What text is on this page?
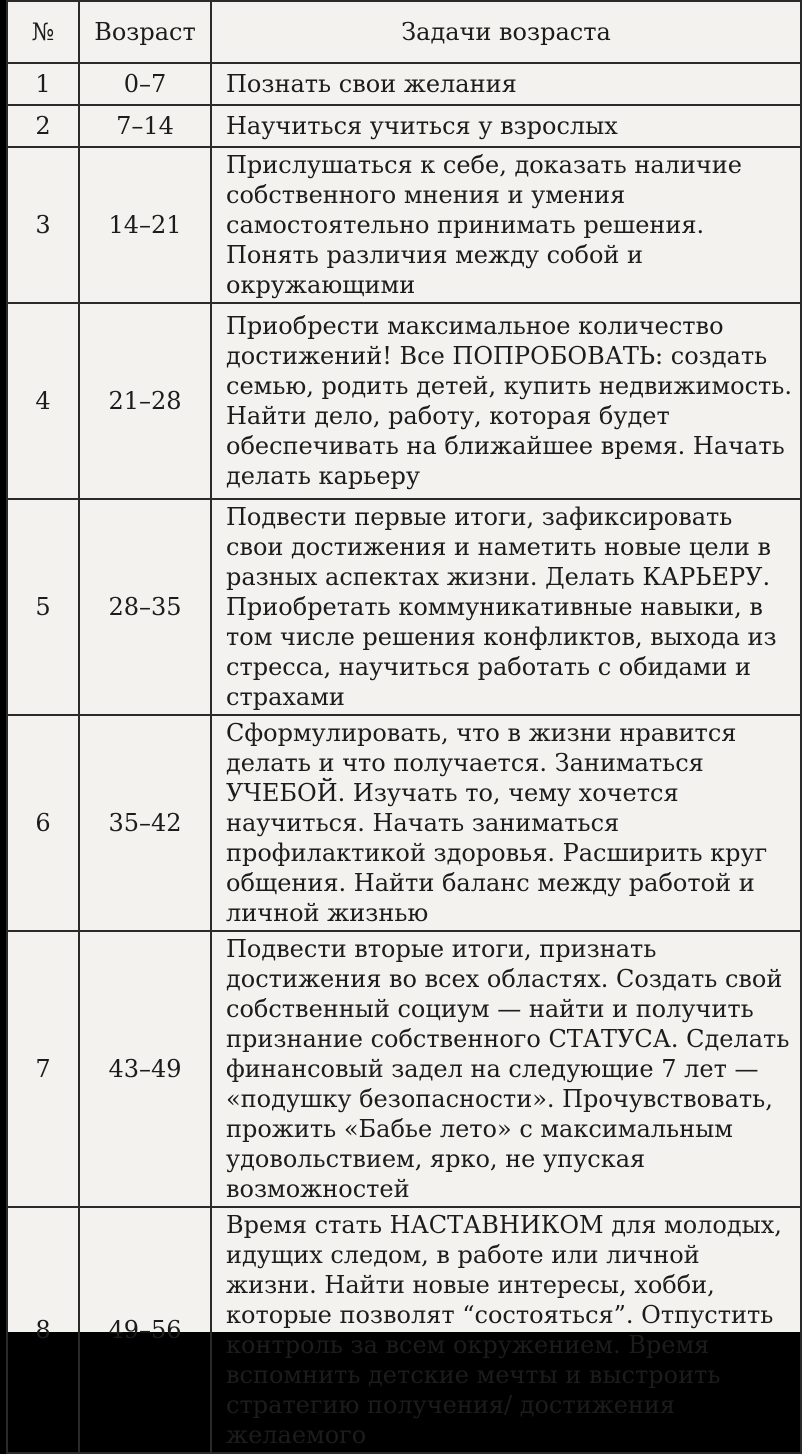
№	Возраст	Задачи возраста
1	0–7	Познать свои желания
2	7–14	Научиться учиться у взрослых
3	14–21	Прислушаться к себе, доказать наличие собственного мнения и умения самостоятельно принимать решения. Понять различия между собой и окружающими
4	21–28	Приобрести максимальное количество достижений! Все ПОПРОБОВАТЬ: создать семью, родить детей, купить недвижимость. Найти дело, работу, которая будет обеспечивать на ближайшее время. Начать делать карьеру
5	28–35	Подвести первые итоги, зафиксировать свои достижения и наметить новые цели в разных аспектах жизни. Делать КАРЬЕРУ. Приобретать коммуникативные навыки, в том числе решения конфликтов, выхода из стресса, научиться работать с обидами и страхами
6	35–42	Сформулировать, что в жизни нравится делать и что получается. Заниматься УЧЕБОЙ. Изучать то, чему хочется научиться. Начать заниматься профилактикой здоровья. Расширить круг общения. Найти баланс между работой и личной жизнью
7	43–49	Подвести вторые итоги, признать достижения во всех областях. Создать свой собственный социум — найти и получить признание собственного СТАТУСА. Сделать финансовый задел на следующие 7 лет — «подушку безопасности». Прочувствовать, прожить «Бабье лето» с максимальным удовольствием, ярко, не упуская возможностей
8	49–56	Время стать НАСТАВНИКОМ для молодых, идущих следом, в работе или личной жизни. Найти новые интересы, хобби, которые позволят “состояться”. Отпустить контроль за всем окружением. Время вспомнить детские мечты и выстроить стратегию получения/ достижения желаемого
